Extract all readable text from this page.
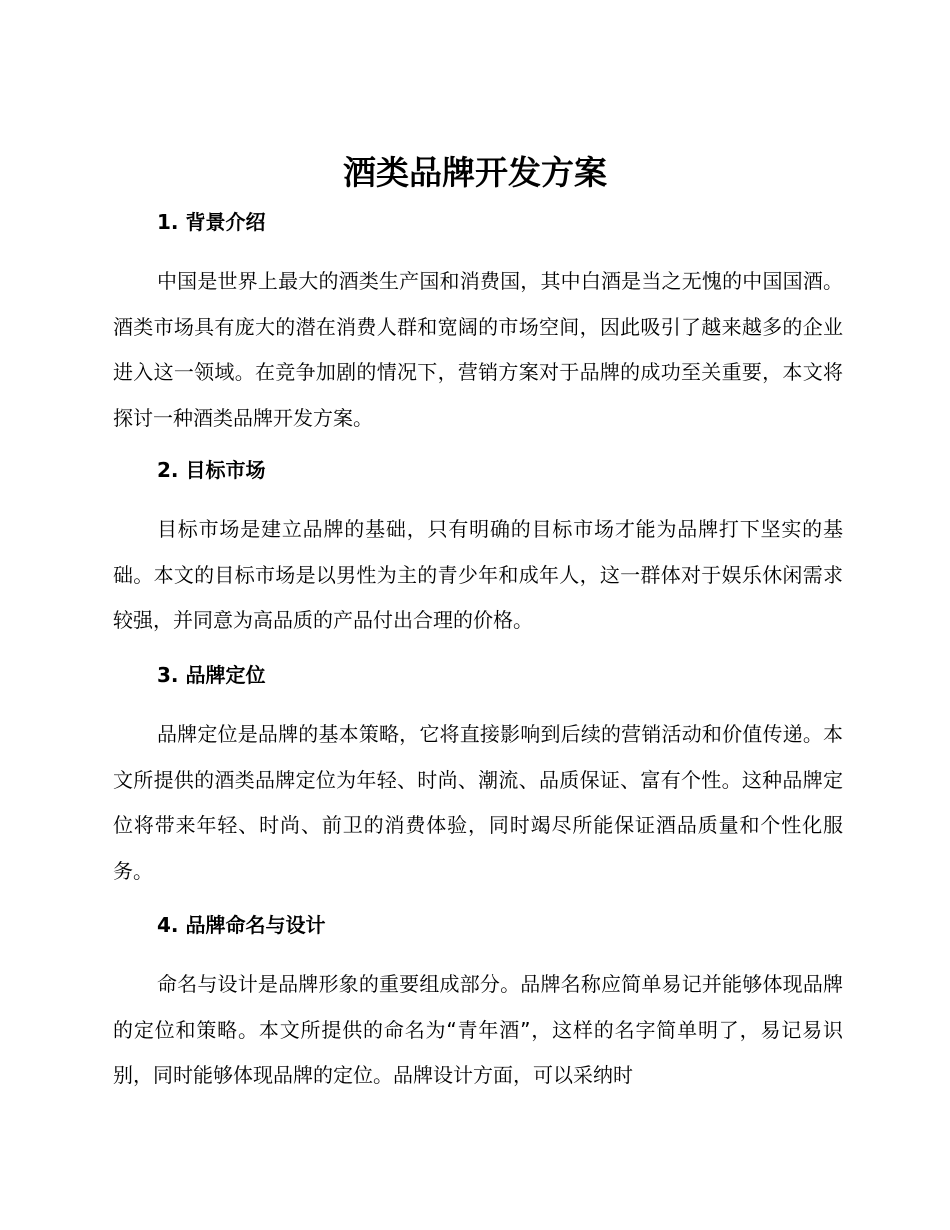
酒类品牌开发方案
1. 背景介绍

中国是世界上最大的酒类生产国和消费国，其中白酒是当之无愧的中国国酒。酒类市场具有庞大的潜在消费人群和宽阔的市场空间，因此吸引了越来越多的企业进入这一领域。在竞争加剧的情况下，营销方案对于品牌的成功至关重要，本文将探讨一种酒类品牌开发方案。

2. 目标市场

目标市场是建立品牌的基础，只有明确的目标市场才能为品牌打下坚实的基础。本文的目标市场是以男性为主的青少年和成年人，这一群体对于娱乐休闲需求较强，并同意为高品质的产品付出合理的价格。

3. 品牌定位

品牌定位是品牌的基本策略，它将直接影响到后续的营销活动和价值传递。本文所提供的酒类品牌定位为年轻、时尚、潮流、品质保证、富有个性。这种品牌定位将带来年轻、时尚、前卫的消费体验，同时竭尽所能保证酒品质量和个性化服务。

4. 品牌命名与设计

命名与设计是品牌形象的重要组成部分。品牌名称应简单易记并能够体现品牌的定位和策略。本文所提供的命名为“青年酒”，这样的名字简单明了，易记易识别，同时能够体现品牌的定位。品牌设计方面，可以采纳时
